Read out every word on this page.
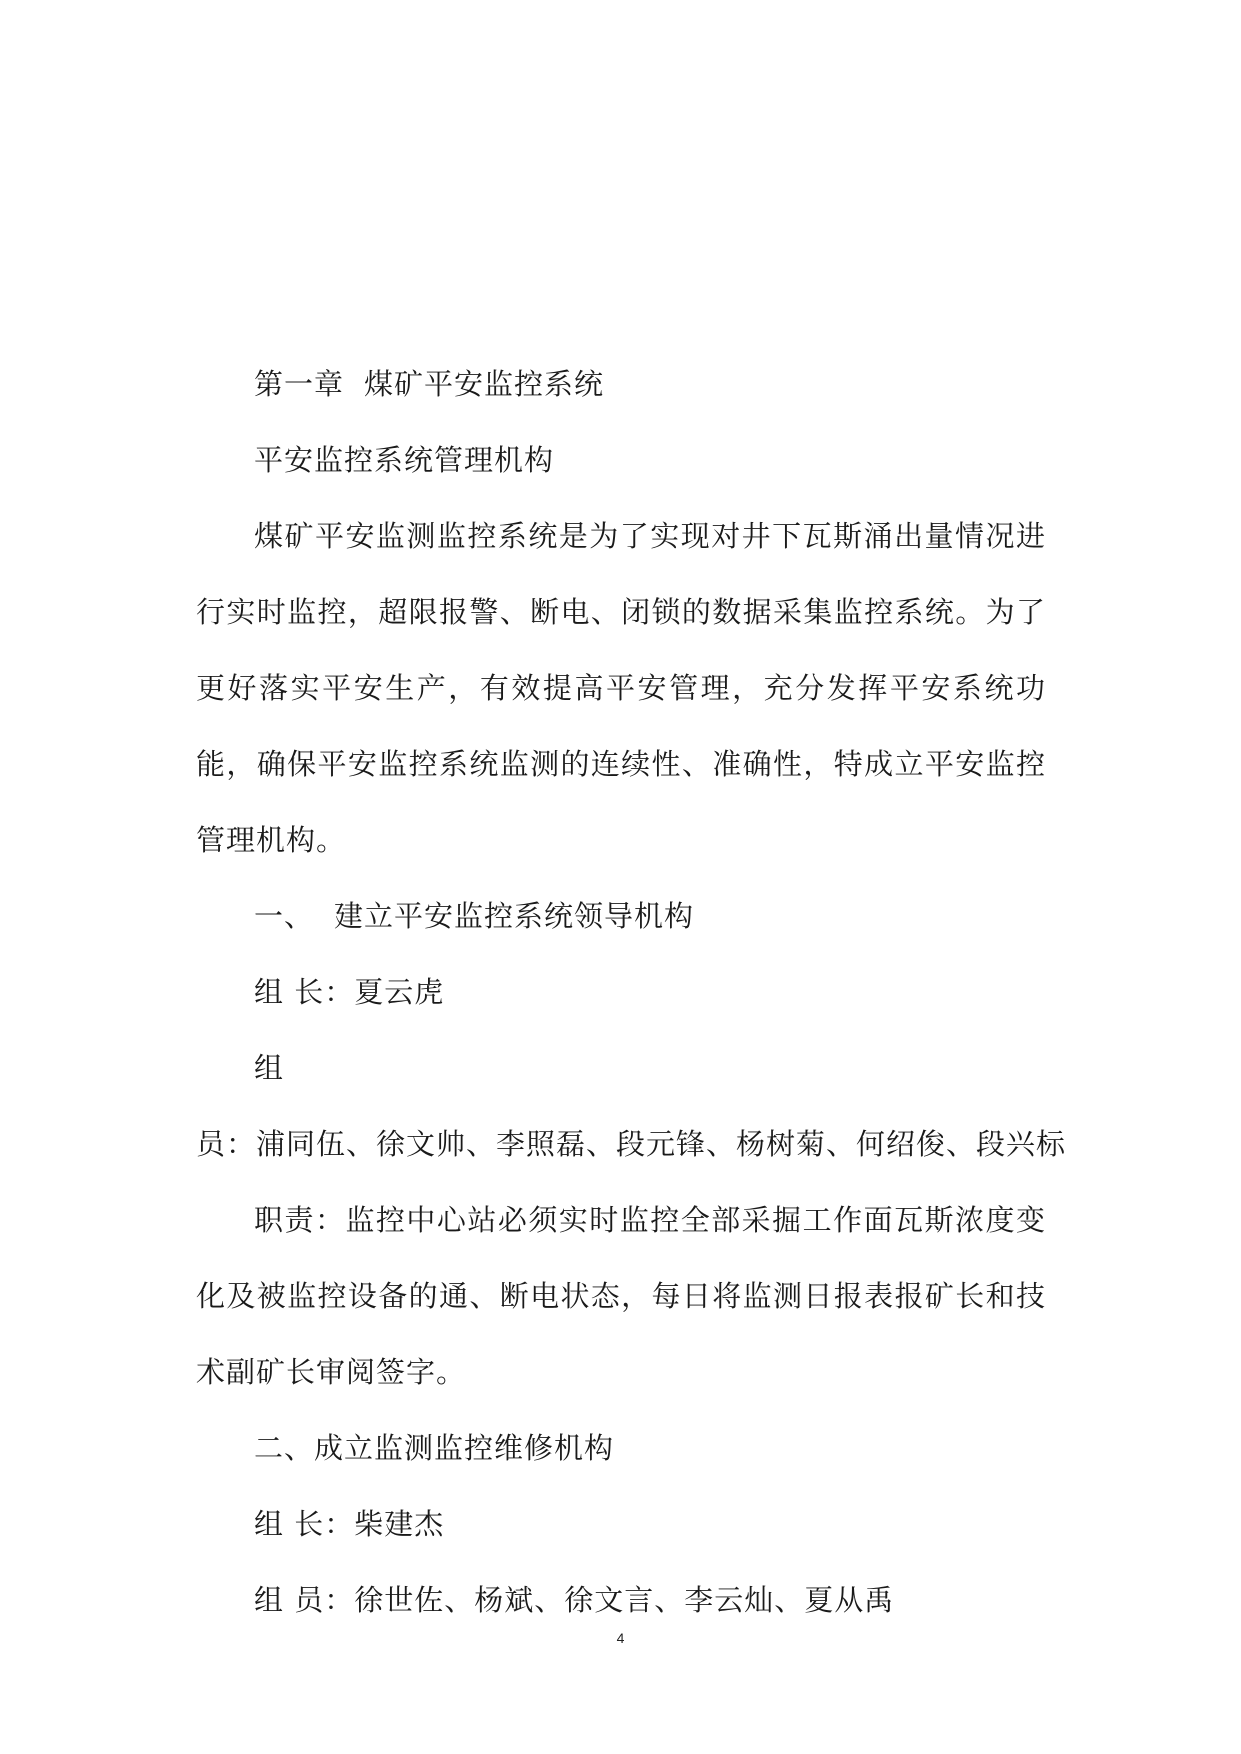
第一章 煤矿平安监控系统

平安监控系统管理机构

煤矿平安监测监控系统是为了实现对井下瓦斯涌出量情况进行实时监控，超限报警、断电、闭锁的数据采集监控系统。为了更好落实平安生产，有效提高平安管理，充分发挥平安系统功能，确保平安监控系统监测的连续性、准确性，特成立平安监控管理机构。

一、 建立平安监控系统领导机构

组 长：夏云虎

组

员：浦同伍、徐文帅、李照磊、段元锋、杨树菊、何绍俊、段兴标

职责：监控中心站必须实时监控全部采掘工作面瓦斯浓度变化及被监控设备的通、断电状态，每日将监测日报表报矿长和技术副矿长审阅签字。

二、成立监测监控维修机构

组 长：柴建杰

组 员：徐世佐、杨斌、徐文言、李云灿、夏从禹

4
